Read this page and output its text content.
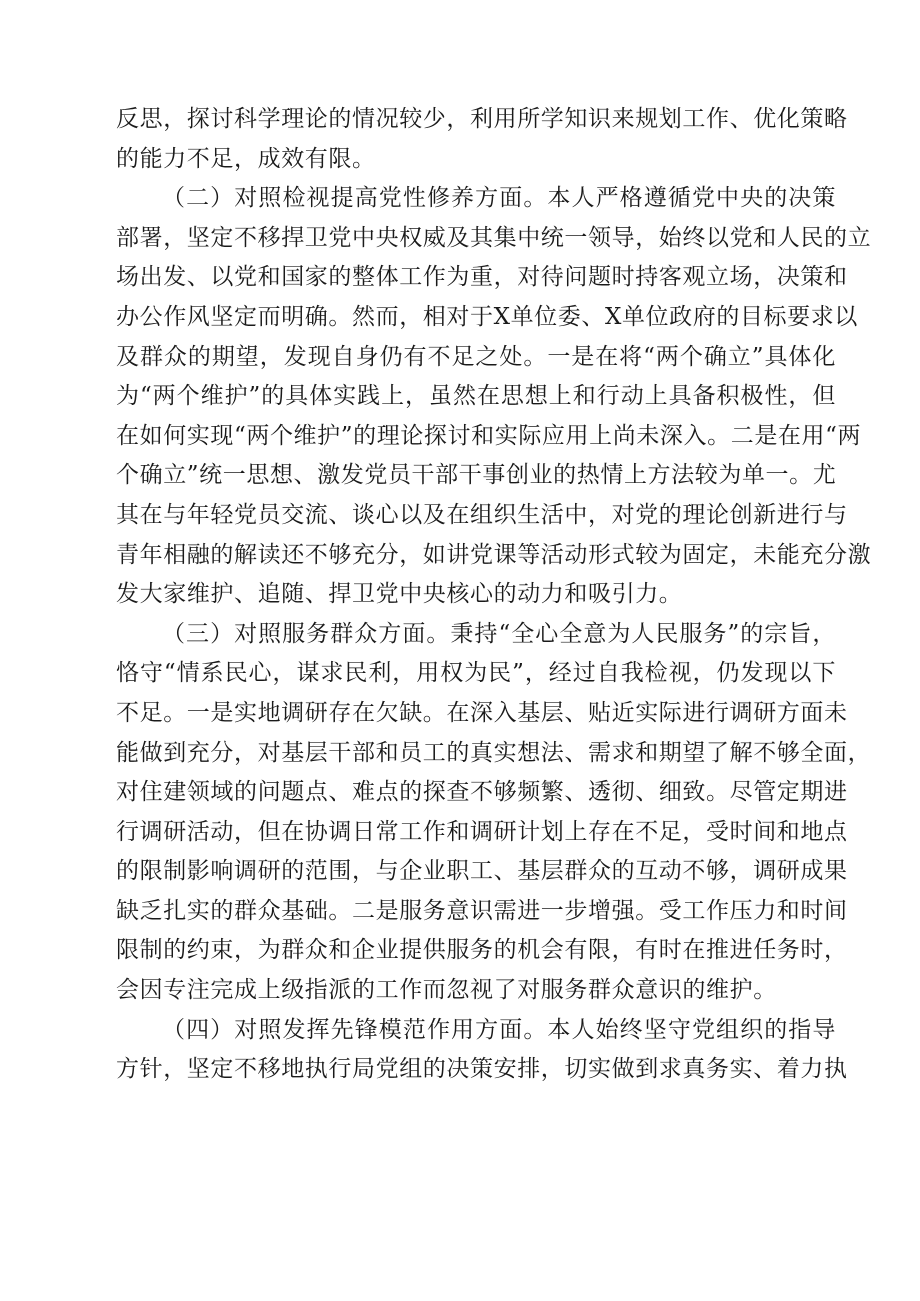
反思，探讨科学理论的情况较少，利用所学知识来规划工作、优化策略
的能力不足，成效有限。
（二）对照检视提高党性修养方面。本人严格遵循党中央的决策
部署，坚定不移捍卫党中央权威及其集中统一领导，始终以党和人民的立
场出发、以党和国家的整体工作为重，对待问题时持客观立场，决策和
办公作风坚定而明确。然而，相对于X单位委、X单位政府的目标要求以
及群众的期望，发现自身仍有不足之处。一是在将“两个确立”具体化
为“两个维护”的具体实践上，虽然在思想上和行动上具备积极性，但
在如何实现“两个维护”的理论探讨和实际应用上尚未深入。二是在用“两
个确立”统一思想、激发党员干部干事创业的热情上方法较为单一。尤
其在与年轻党员交流、谈心以及在组织生活中，对党的理论创新进行与
青年相融的解读还不够充分，如讲党课等活动形式较为固定，未能充分激
发大家维护、追随、捍卫党中央核心的动力和吸引力。
（三）对照服务群众方面。秉持“全心全意为人民服务”的宗旨，
恪守“情系民心，谋求民利，用权为民”，经过自我检视，仍发现以下
不足。一是实地调研存在欠缺。在深入基层、贴近实际进行调研方面未
能做到充分，对基层干部和员工的真实想法、需求和期望了解不够全面，
对住建领域的问题点、难点的探查不够频繁、透彻、细致。尽管定期进
行调研活动，但在协调日常工作和调研计划上存在不足，受时间和地点
的限制影响调研的范围，与企业职工、基层群众的互动不够，调研成果
缺乏扎实的群众基础。二是服务意识需进一步增强。受工作压力和时间
限制的约束，为群众和企业提供服务的机会有限，有时在推进任务时，
会因专注完成上级指派的工作而忽视了对服务群众意识的维护。
（四）对照发挥先锋模范作用方面。本人始终坚守党组织的指导
方针，坚定不移地执行局党组的决策安排，切实做到求真务实、着力执
